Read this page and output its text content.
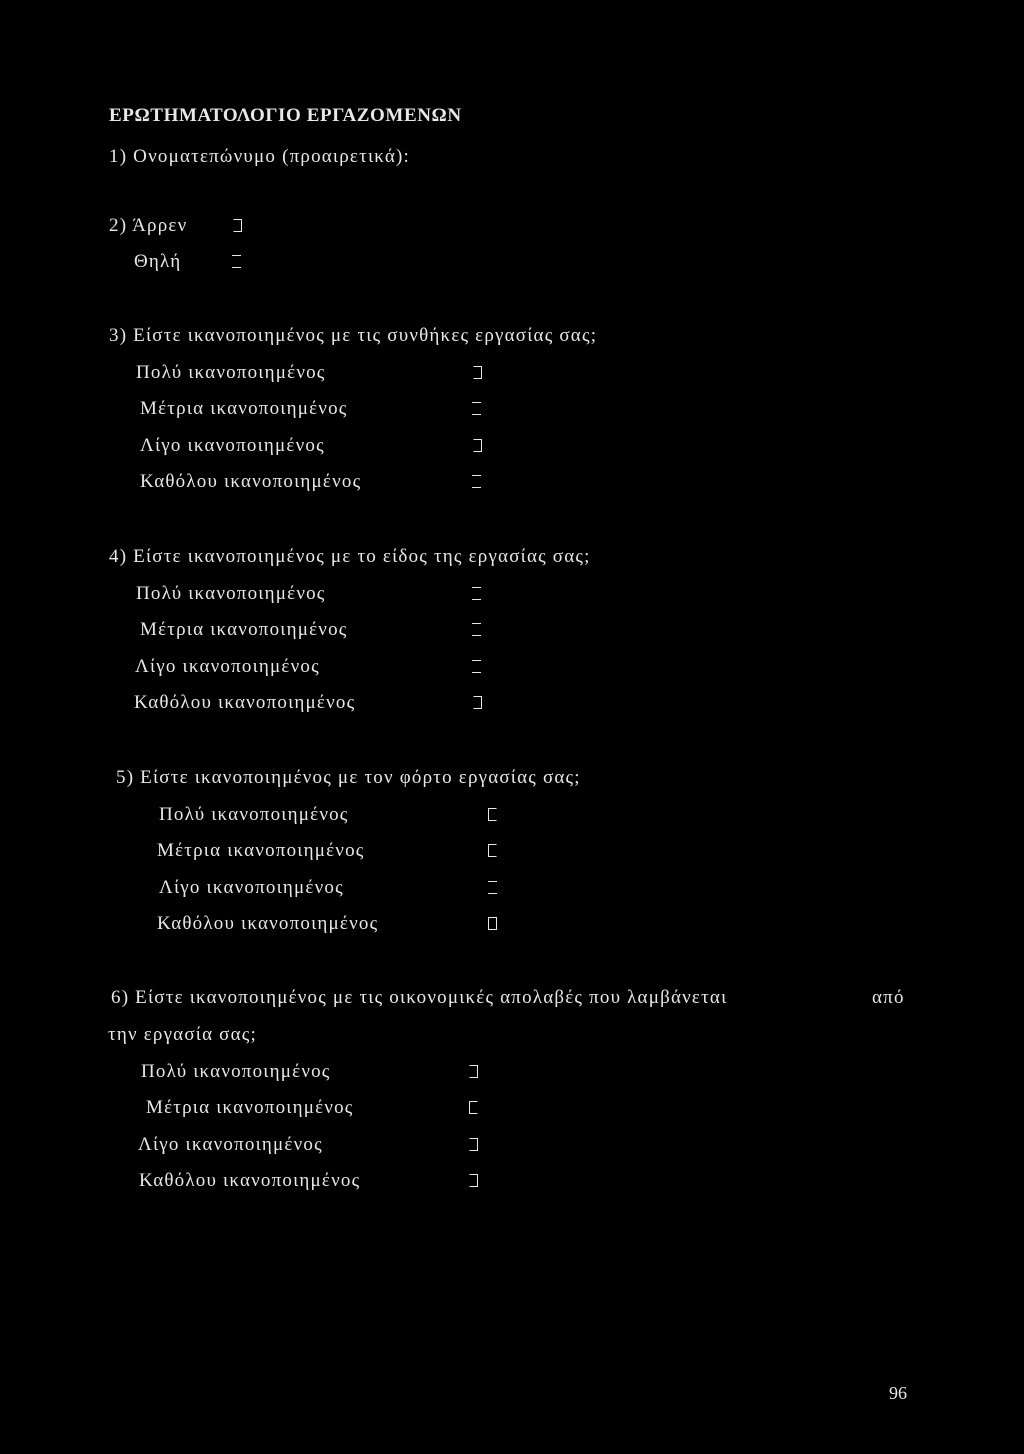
ΕΡΩΤΗΜΑΤΟΛΟΓΙΟ ΕΡΓΑΖΟΜΕΝΩΝ
1) Ονοματεπώνυμο (προαιρετικά):
2) Άρρεν
Θηλή
3) Είστε ικανοποιημένος με τις συνθήκες εργασίας σας;
Πολύ ικανοποιημένος
Μέτρια ικανοποιημένος
Λίγο ικανοποιημένος
Καθόλου ικανοποιημένος
4) Είστε ικανοποιημένος με το είδος της εργασίας σας;
Πολύ ικανοποιημένος
Μέτρια ικανοποιημένος
Λίγο ικανοποιημένος
Καθόλου ικανοποιημένος
5) Είστε ικανοποιημένος με τον φόρτο εργασίας σας;
Πολύ ικανοποιημένος
Μέτρια ικανοποιημένος
Λίγο ικανοποιημένος
Καθόλου ικανοποιημένος
6) Είστε ικανοποιημένος με τις οικονομικές απολαβές που λαμβάνεται	από
την εργασία σας;
Πολύ ικανοποιημένος
Μέτρια ικανοποιημένος
Λίγο ικανοποιημένος
Καθόλου ικανοποιημένος
96
